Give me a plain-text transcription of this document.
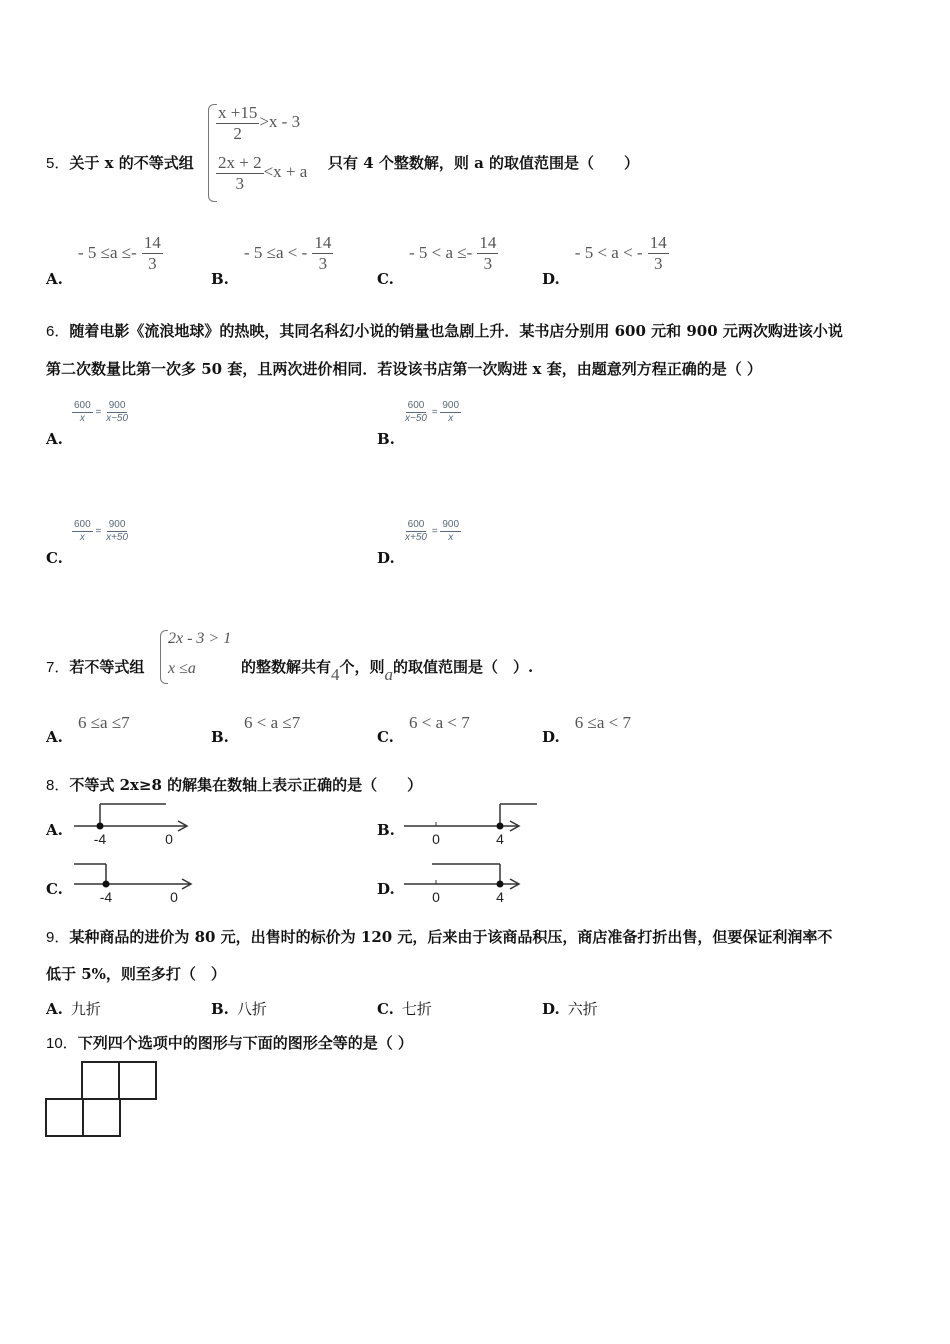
5．关于 x 的不等式组
$\frac{x +15}{2} >x - 3$
$\frac{2x + 2}{3} <x + a$ 只有 4 个整数解，则 a 的取值范围是（　　）
A. - $5 \le a \le- \frac{14}{3}$
B. - 5 ≤a < - $\frac{14}{3}$
C. - $5 < a \le- \frac{14}{3}$
D. - 5 < a < - $\frac{14}{3}$
6．随着电影《流浪地球》的热映，其同名科幻小说的销量也急剧上升．某书店分别用 600 元和 900 元两次购进该小说
第二次数量比第一次多 50 套，且两次进价相同．若设该书店第一次购进 x 套，由题意列方程正确的是（ ）
$\frac{600}{x} = \frac{900}{x-50}$
A.
$\frac{600}{x-50} = \frac{900}{x}$
B.
$\frac{600}{x} = \frac{900}{x+50}$
C.
$\frac{600}{x+50} = \frac{900}{x}$
D.
7．若不等式组
2x - 3 > 1
x ≤a	的整数解共有4个，则a的取值范围是（　）.
A. 6 ≤a ≤7
B. 6 < a ≤7
C. 6 < a < 7
D. 6 ≤a < 7
8．不等式 2x≥8 的解集在数轴上表示正确的是（　　）
A. -4	0	B.	0	4
C.	-4	0	D.	0	4
9．某种商品的进价为 80 元，出售时的标价为 120 元，后来由于该商品积压，商店准备打折出售，但要保证利润率不
低于 5%，则至多打（　）
A. 九折	B. 八折	C. 七折	D. 六折
10．下列四个选项中的图形与下面的图形全等的是（ ）
